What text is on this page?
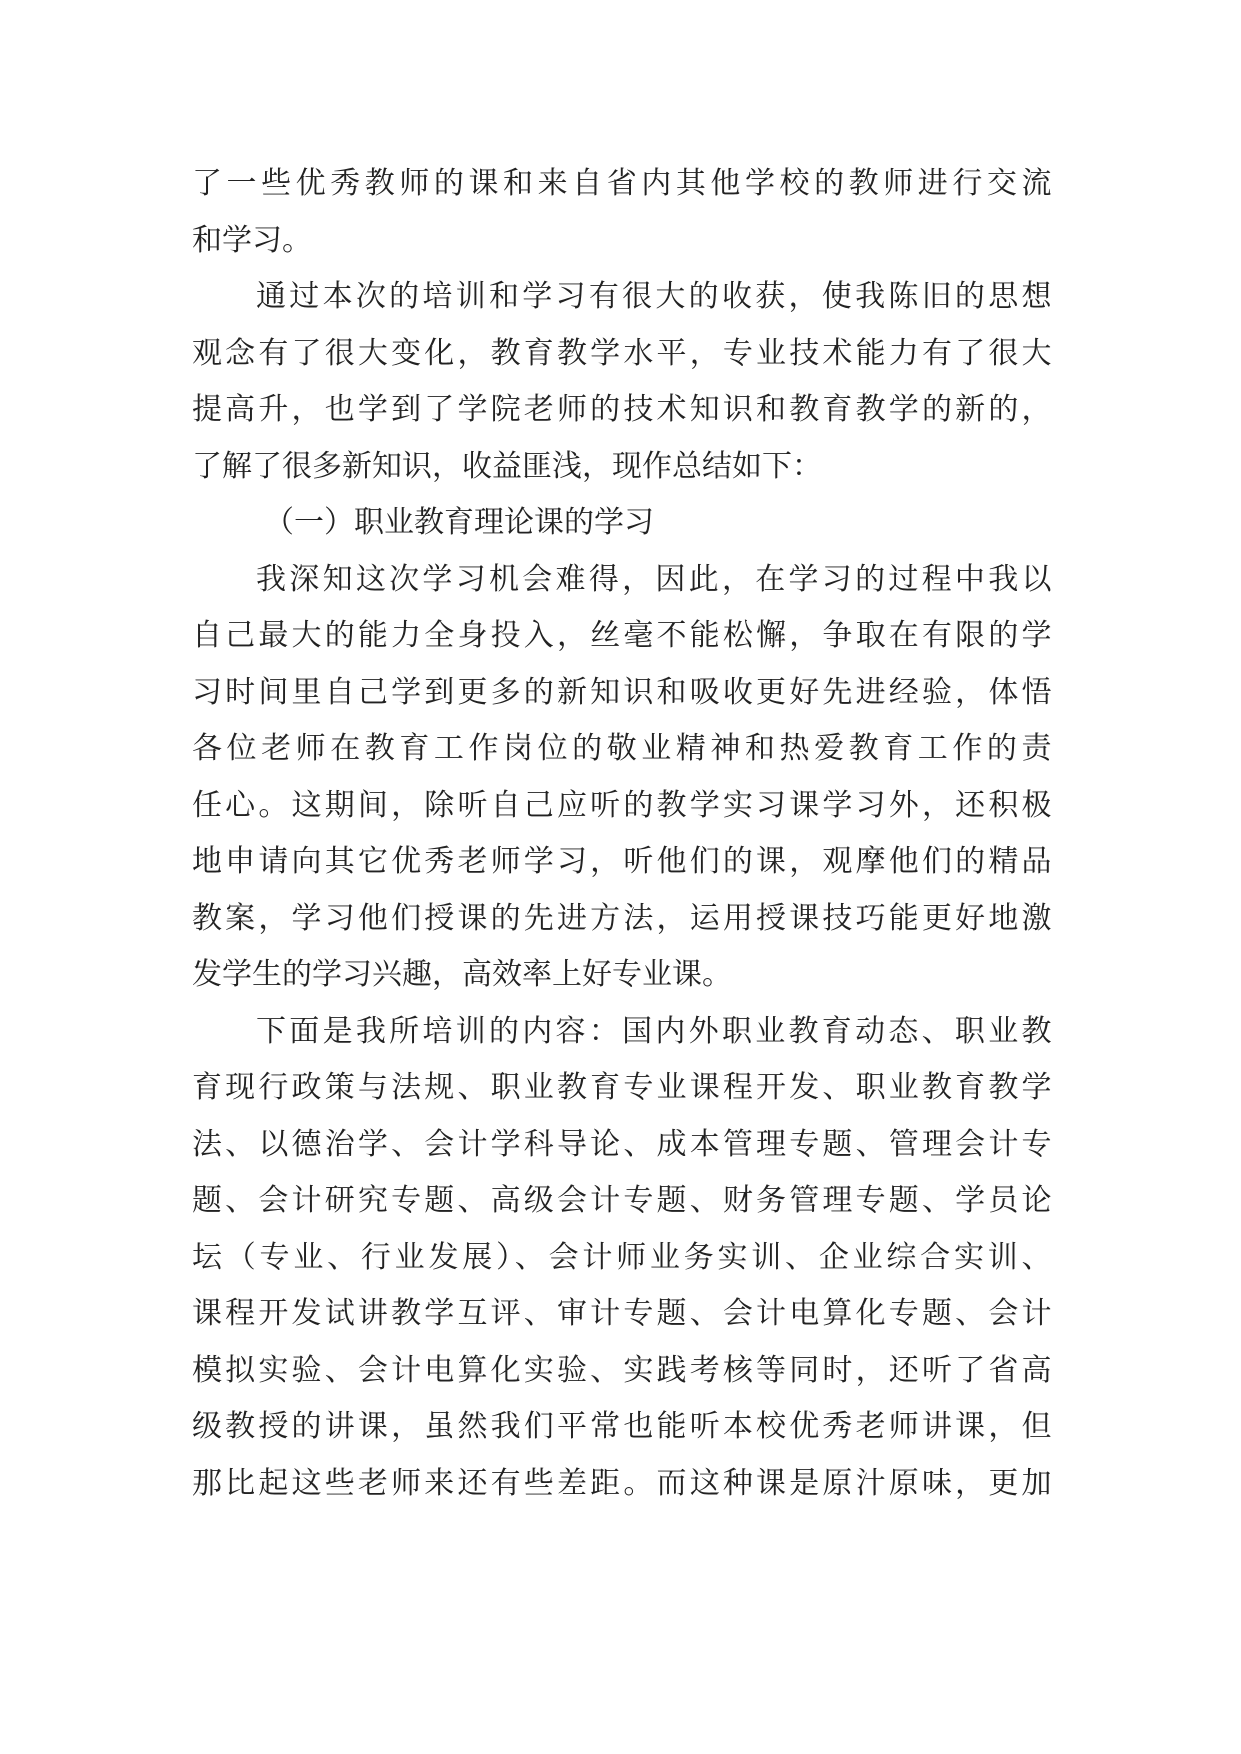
了一些优秀教师的课和来自省内其他学校的教师进行交流
和学习。
通过本次的培训和学习有很大的收获，使我陈旧的思想
观念有了很大变化，教育教学水平，专业技术能力有了很大
提高升，也学到了学院老师的技术知识和教育教学的新的，
了解了很多新知识，收益匪浅，现作总结如下：
（一）职业教育理论课的学习
我深知这次学习机会难得，因此，在学习的过程中我以
自己最大的能力全身投入，丝毫不能松懈，争取在有限的学
习时间里自己学到更多的新知识和吸收更好先进经验，体悟
各位老师在教育工作岗位的敬业精神和热爱教育工作的责
任心。这期间，除听自己应听的教学实习课学习外，还积极
地申请向其它优秀老师学习，听他们的课，观摩他们的精品
教案，学习他们授课的先进方法，运用授课技巧能更好地激
发学生的学习兴趣，高效率上好专业课。
下面是我所培训的内容：国内外职业教育动态、职业教
育现行政策与法规、职业教育专业课程开发、职业教育教学
法、以德治学、会计学科导论、成本管理专题、管理会计专
题、会计研究专题、高级会计专题、财务管理专题、学员论
坛（专业、行业发展）、会计师业务实训、企业综合实训、
课程开发试讲教学互评、审计专题、会计电算化专题、会计
模拟实验、会计电算化实验、实践考核等同时，还听了省高
级教授的讲课，虽然我们平常也能听本校优秀老师讲课，但
那比起这些老师来还有些差距。而这种课是原汁原味，更加
